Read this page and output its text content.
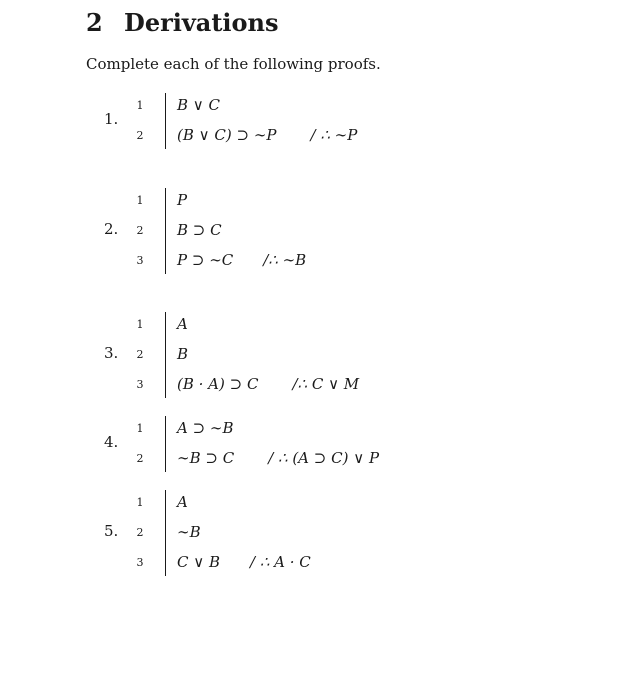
2 Derivations

Complete each of the following proofs.

1.
1 B ∨ C
2 (B ∨ C) ⊃ ∼P / ∴ ∼P
2.
1 P
2 B ⊃ C
3 P ⊃ ∼C /∴ ∼B
3.
1 A
2 B
3 (B · A) ⊃ C /∴ C ∨ M
4.
1 A ⊃ ∼B
2 ∼B ⊃ C / ∴ (A ⊃ C) ∨ P
5.
1 A
2 ∼B
3 C ∨ B / ∴ A · C
